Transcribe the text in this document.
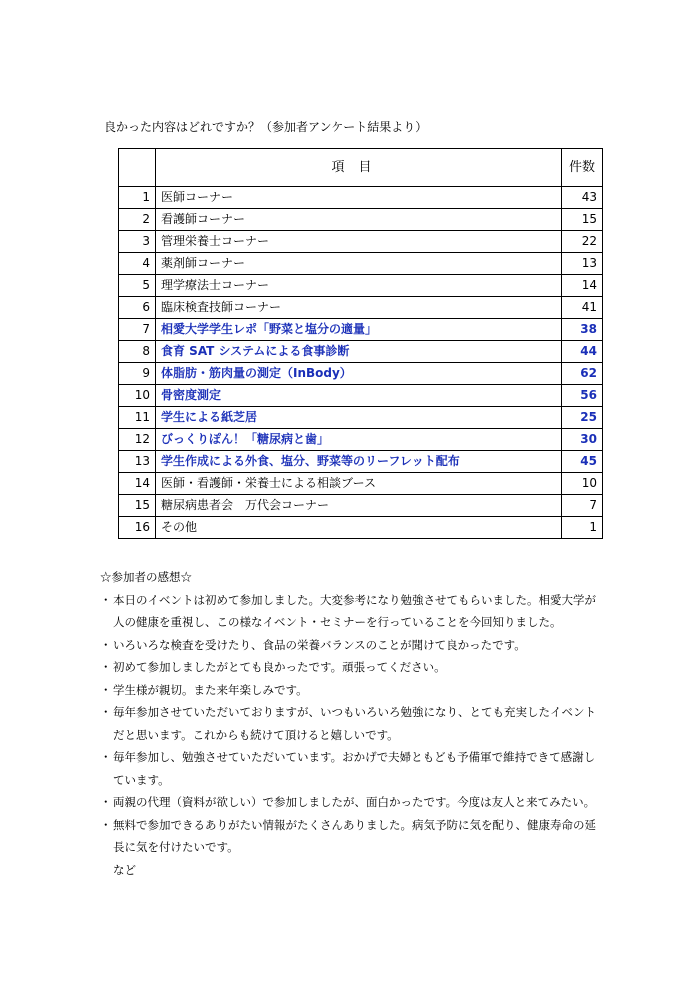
良かった内容はどれですか？（参加者アンケート結果より）
	項目	件数
1	医師コーナー	43
2	看護師コーナー	15
3	管理栄養士コーナー	22
4	薬剤師コーナー	13
5	理学療法士コーナー	14
6	臨床検査技師コーナー	41
7	相愛大学学生レポ「野菜と塩分の適量」	38
8	食育 SAT システムによる食事診断	44
9	体脂肪・筋肉量の測定（InBody）	62
10	骨密度測定	56
11	学生による紙芝居	25
12	びっくりぽん！「糖尿病と歯」	30
13	学生作成による外食、塩分、野菜等のリーフレット配布	45
14	医師・看護師・栄養士による相談ブース	10
15	糖尿病患者会　万代会コーナー	7
16	その他	1
☆参加者の感想☆
・ 本日のイベントは初めて参加しました。大変参考になり勉強させてもらいました。相愛大学が
人の健康を重視し、この様なイベント・セミナーを行っていることを今回知りました。
・ いろいろな検査を受けたり、食品の栄養バランスのことが聞けて良かったです。
・ 初めて参加しましたがとても良かったです。頑張ってください。
・ 学生様が親切。また来年楽しみです。
・ 毎年参加させていただいておりますが、いつもいろいろ勉強になり、とても充実したイベント
だと思います。これからも続けて頂けると嬉しいです。
・ 毎年参加し、勉強させていただいています。おかげで夫婦ともども予備軍で維持できて感謝し
ています。
・ 両親の代理（資料が欲しい）で参加しましたが、面白かったです。今度は友人と来てみたい。
・ 無料で参加できるありがたい情報がたくさんありました。病気予防に気を配り、健康寿命の延
長に気を付けたいです。
など
